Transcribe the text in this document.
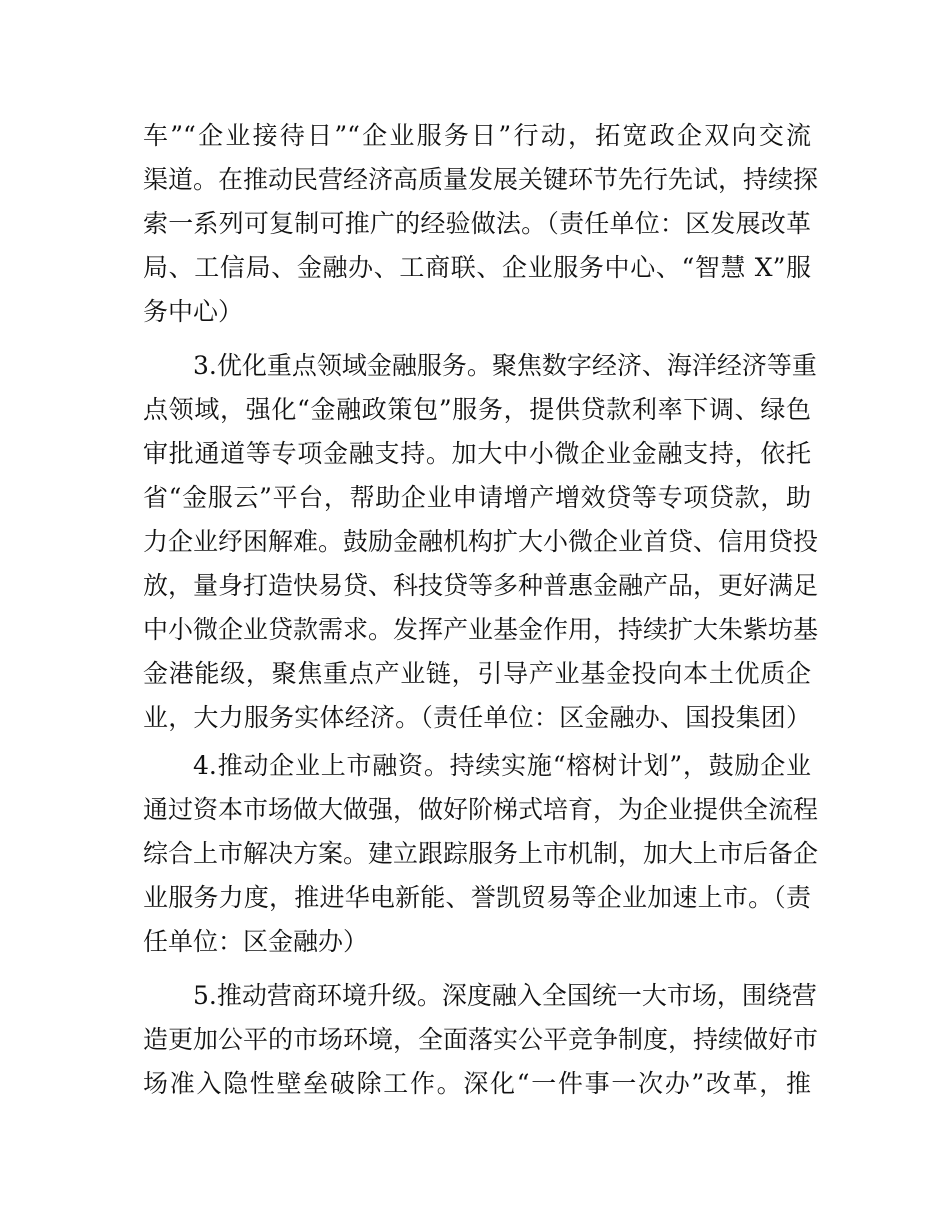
车”“企业接待日”“企业服务日”行动，拓宽政企双向交流
渠道。在推动民营经济高质量发展关键环节先行先试，持续探
索一系列可复制可推广的经验做法。（责任单位：区发展改革
局、工信局、金融办、工商联、企业服务中心、“智慧 X”服
务中心）
3.优化重点领域金融服务。聚焦数字经济、海洋经济等重
点领域，强化“金融政策包”服务，提供贷款利率下调、绿色
审批通道等专项金融支持。加大中小微企业金融支持，依托
省“金服云”平台，帮助企业申请增产增效贷等专项贷款，助
力企业纾困解难。鼓励金融机构扩大小微企业首贷、信用贷投
放，量身打造快易贷、科技贷等多种普惠金融产品，更好满足
中小微企业贷款需求。发挥产业基金作用，持续扩大朱紫坊基
金港能级，聚焦重点产业链，引导产业基金投向本土优质企
业，大力服务实体经济。（责任单位：区金融办、国投集团）
4.推动企业上市融资。持续实施“榕树计划”，鼓励企业
通过资本市场做大做强，做好阶梯式培育，为企业提供全流程
综合上市解决方案。建立跟踪服务上市机制，加大上市后备企
业服务力度，推进华电新能、誉凯贸易等企业加速上市。（责
任单位：区金融办）
5.推动营商环境升级。深度融入全国统一大市场，围绕营
造更加公平的市场环境，全面落实公平竞争制度，持续做好市
场准入隐性壁垒破除工作。深化“一件事一次办”改革，推
